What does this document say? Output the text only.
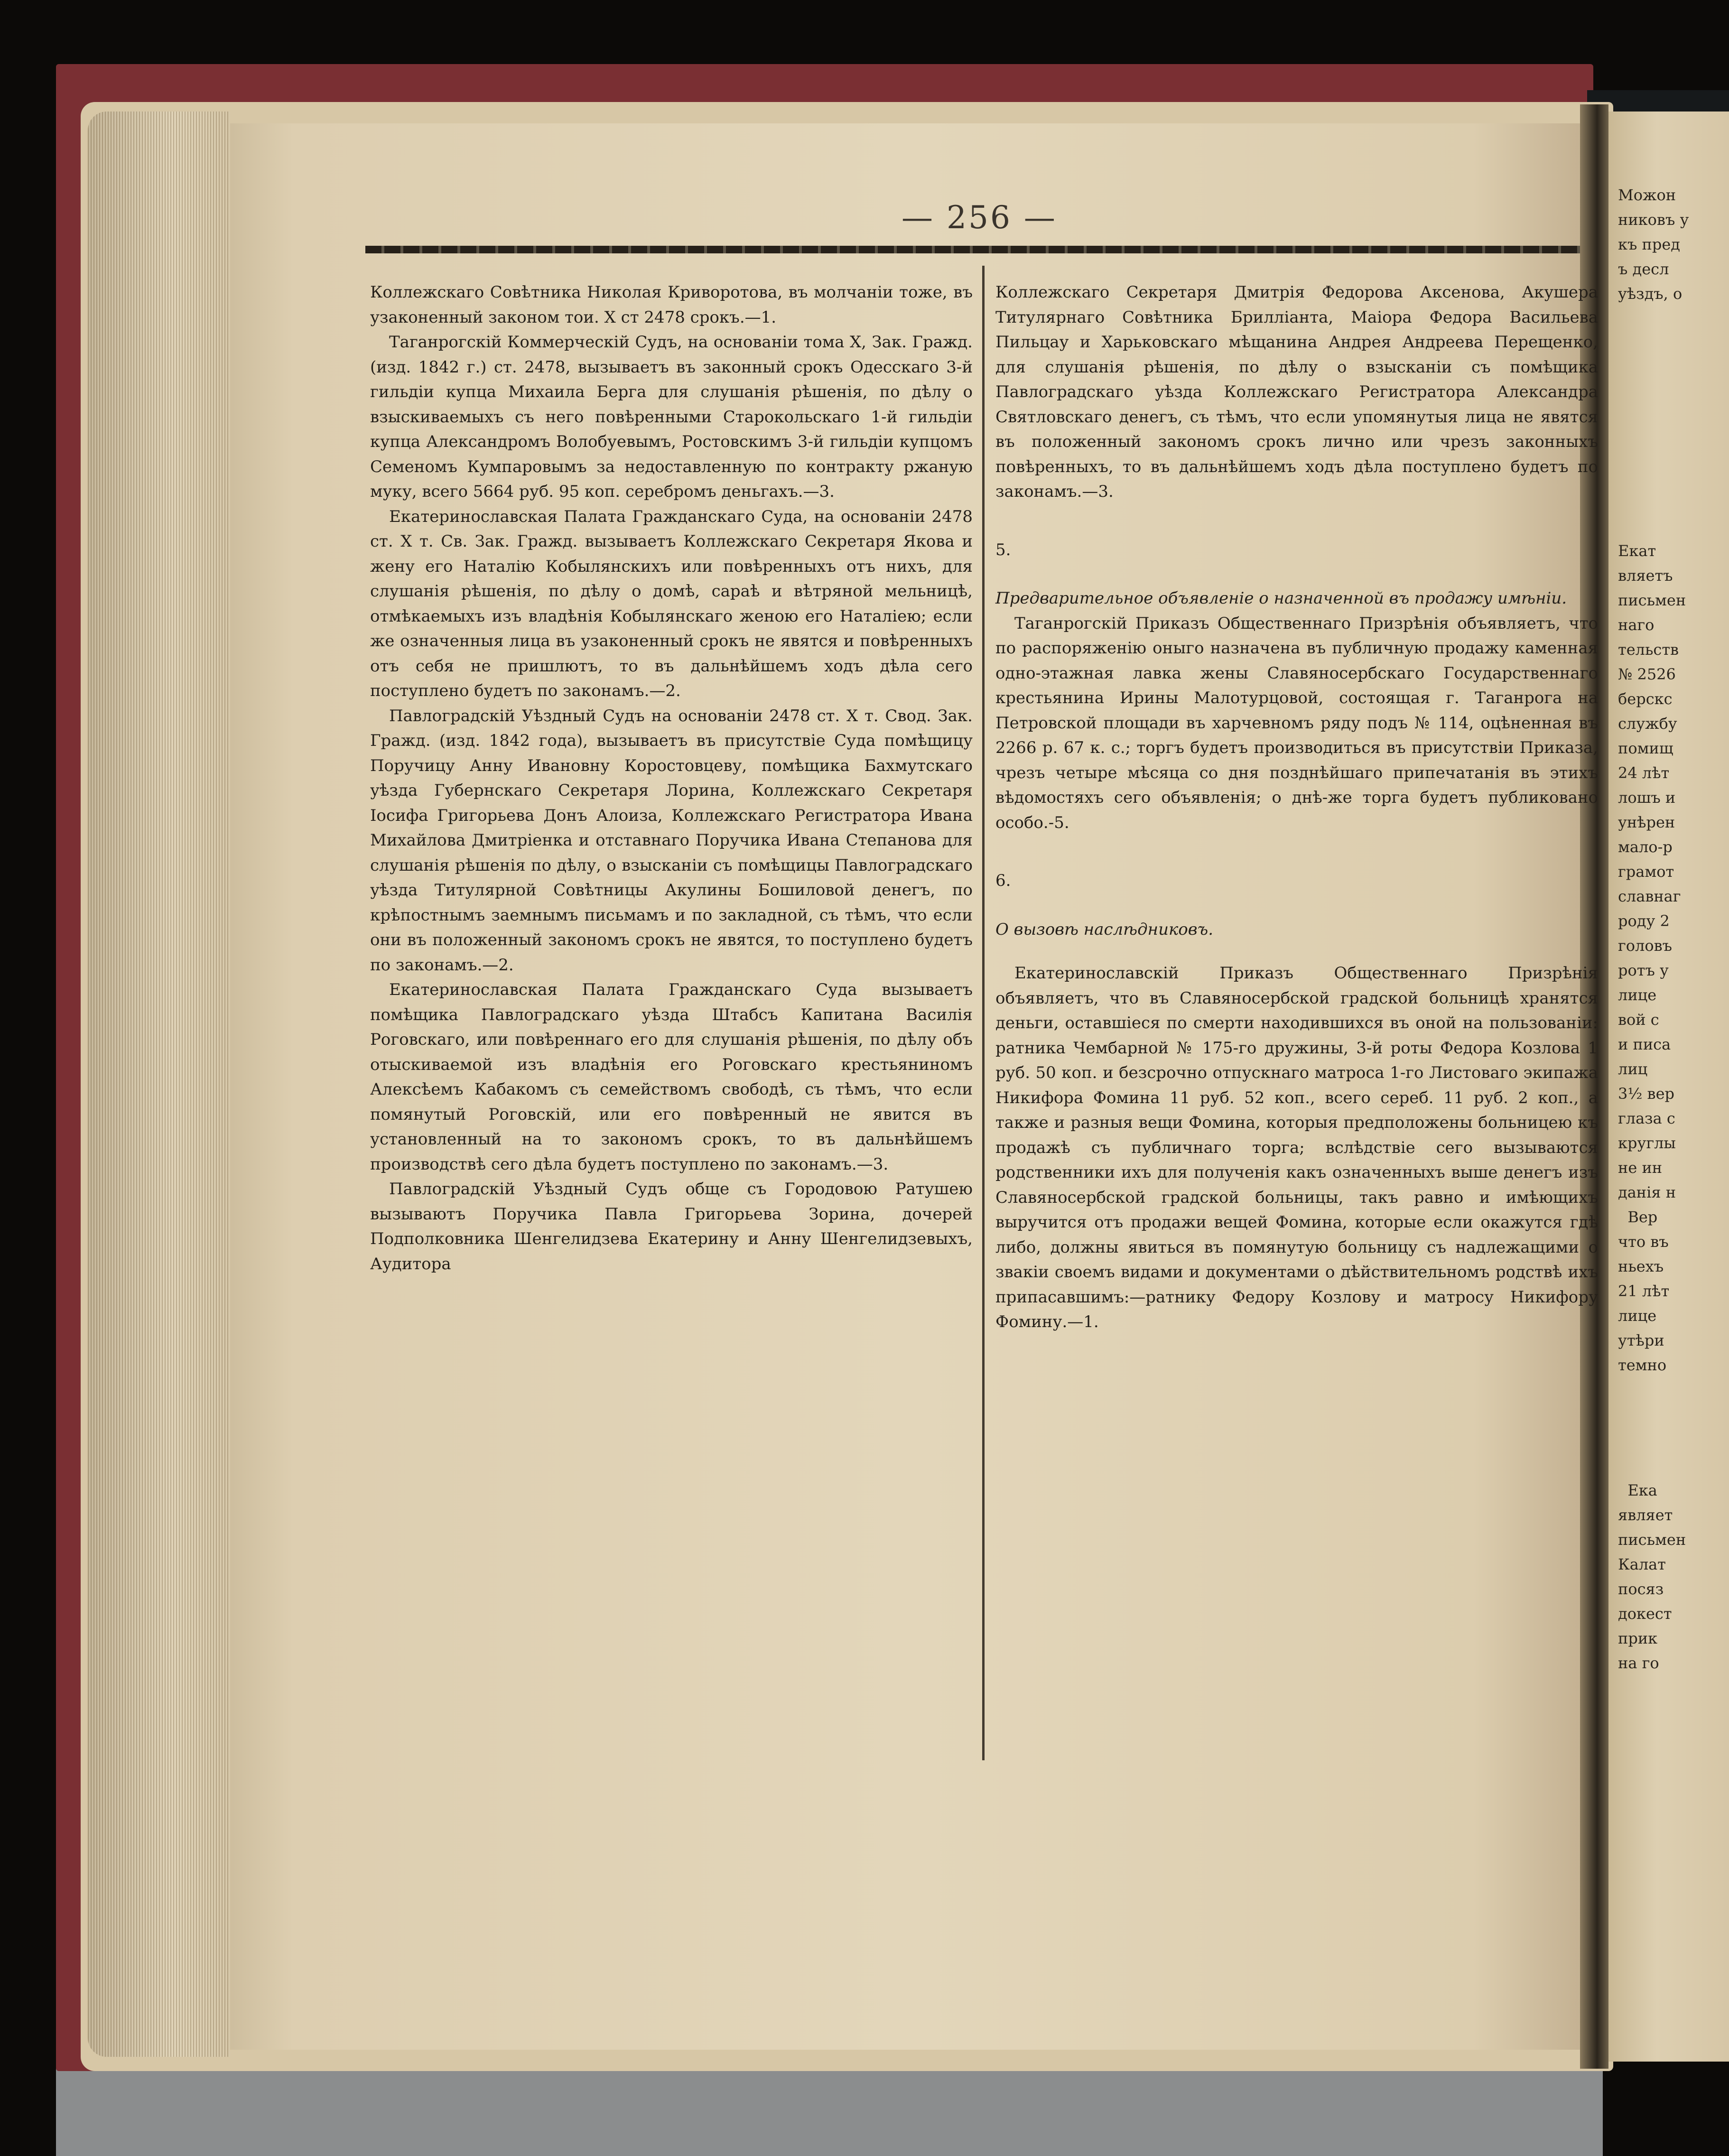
— 256 —

Коллежскаго Совѣтника Николая Криворотова, въ молчаніи тоже, въ узаконенный законом тои. X ст 2478 срокъ.—1.

Таганрогскій Коммерческій Судъ, на основаніи тома X, Зак. Гражд. (изд. 1842 г.) ст. 2478, вызываетъ въ законный срокъ Одесскаго 3-й гильдіи купца Михаила Берга для слушанія рѣшенія, по дѣлу о взыскиваемыхъ съ него повѣренными Старокольскаго 1-й гильдіи купца Александромъ Волобуевымъ, Ростовскимъ 3-й гильдіи купцомъ Семеномъ Кумпаровымъ за недоставленную по контракту ржаную муку, всего 5664 руб. 95 коп. серебромъ деньгахъ.—3.

Екатеринославская Палата Гражданскаго Суда, на основаніи 2478 ст. X т. Св. Зак. Гражд. вызываетъ Коллежскаго Секретаря Якова и жену его Наталію Кобылянскихъ или повѣренныхъ отъ нихъ, для слушанія рѣшенія, по дѣлу о домѣ, сараѣ и вѣтряной мельницѣ, отмѣкаемыхъ изъ владѣнія Кобылянскаго женою его Наталіею; если же означенныя лица въ узаконенный срокъ не явятся и повѣренныхъ отъ себя не пришлютъ, то въ дальнѣйшемъ ходъ дѣла сего поступлено будетъ по законамъ.—2.

Павлоградскій Уѣздный Судъ на основаніи 2478 ст. X т. Свод. Зак. Гражд. (изд. 1842 года), вызываетъ въ присутствіе Суда помѣщицу Поручицу Анну Ивановну Коростовцеву, помѣщика Бахмутскаго уѣзда Губернскаго Секретаря Лорина, Коллежскаго Секретаря Іосифа Григорьева Донъ Алоиза, Коллежскаго Регистратора Ивана Михайлова Дмитріенка и отставнаго Поручика Ивана Степанова для слушанія рѣшенія по дѣлу, о взысканіи съ помѣщицы Павлоградскаго уѣзда Титулярной Совѣтницы Акулины Бошиловой денегъ, по крѣпостнымъ заемнымъ письмамъ и по закладной, съ тѣмъ, что если они въ положенный закономъ срокъ не явятся, то поступлено будетъ по законамъ.—2.

Екатеринославская Палата Гражданскаго Суда вызываетъ помѣщика Павлоградскаго уѣзда Штабсъ Капитана Василія Роговскаго, или повѣреннаго его для слушанія рѣшенія, по дѣлу объ отыскиваемой изъ владѣнія его Роговскаго крестьяниномъ Алексѣемъ Кабакомъ съ семействомъ свободѣ, съ тѣмъ, что если помянутый Роговскій, или его повѣренный не явится въ установленный на то закономъ срокъ, то въ дальнѣйшемъ производствѣ сего дѣла будетъ поступлено по законамъ.—3.

Павлоградскій Уѣздный Судъ обще съ Городовою Ратушею вызываютъ Поручика Павла Григорьева Зорина, дочерей Подполковника Шенгелидзева Екатерину и Анну Шенгелидзевыхъ, Аудитора

Коллежскаго Секретаря Дмитрія Федорова Аксенова, Акушера Титулярнаго Совѣтника Брилліанта, Маіора Федора Васильева Пильцау и Харьковскаго мѣщанина Андрея Андреева Перещенко, для слушанія рѣшенія, по дѣлу о взысканіи съ помѣщика Павлоградскаго уѣзда Коллежскаго Регистратора Александра Святловскаго денегъ, съ тѣмъ, что если упомянутыя лица не явятся въ положенный закономъ срокъ лично или чрезъ законныхъ повѣренныхъ, то въ дальнѣйшемъ ходъ дѣла поступлено будетъ по законамъ.—3.

5.

Предварительное объявленіе о назначенной въ продажу имѣніи.

Таганрогскій Приказъ Общественнаго Призрѣнія объявляетъ, что по распоряженію оныго назначена въ публичную продажу каменная одно-этажная лавка жены Славяносербскаго Государственнаго крестьянина Ирины Малотурцовой, состоящая г. Таганрога на Петровской площади въ харчевномъ ряду подъ № 114, оцѣненная въ 2266 р. 67 к. с.; торгъ будетъ производиться въ присутствіи Приказа, чрезъ четыре мѣсяца со дня позднѣйшаго припечатанія въ этихъ вѣдомостяхъ сего объявленія; о днѣ-же торга будетъ публиковано особо.-5.

6.

О вызовѣ наслѣдниковъ.

Екатеринославскій Приказъ Общественнаго Призрѣнія объявляетъ, что въ Славяносербской градской больницѣ хранятся деньги, оставшіеся по смерти находившихся въ оной на пользованіи: ратника Чембарной № 175-го дружины, 3-й роты Федора Козлова 1 руб. 50 коп. и безсрочно отпускнаго матроса 1-го Листоваго экипажа Никифора Фомина 11 руб. 52 коп., всего сереб. 11 руб. 2 коп., а также и разныя вещи Фомина, которыя предположены больницею къ продажѣ съ публичнаго торга; вслѣдствіе сего вызываются родственники ихъ для полученія какъ означенныхъ выше денегъ изъ Славяносербской градской больницы, такъ равно и имѣющихъ выручится отъ продажи вещей Фомина, которые если окажутся гдѣ либо, должны явиться въ помянутую больницу съ надлежащими о звакіи своемъ видами и документами о дѣйствительномъ родствѣ ихъ припасавшимъ:—ратнику Федору Козлову и матросу Никифору Фомину.—1.

Можон
никовъ у
къ пред
ъ десл
уѣздъ, о
Екат
вляетъ
письмен
наго
тельств
№ 2526
берскс
службу
помищ
24 лѣт
лошъ и
унѣрен
мало-р
грамот
славнаг
роду 2
головъ
ротъ у
лице
вой с
и писа
лиц
3½ вер
глаза с
круглы
не ин
данія н
Вер
что въ
ньехъ
21 лѣт
лице
утѣри
темно
Ека
являет
письмен
Калат
посяз
докест
прик
на го
